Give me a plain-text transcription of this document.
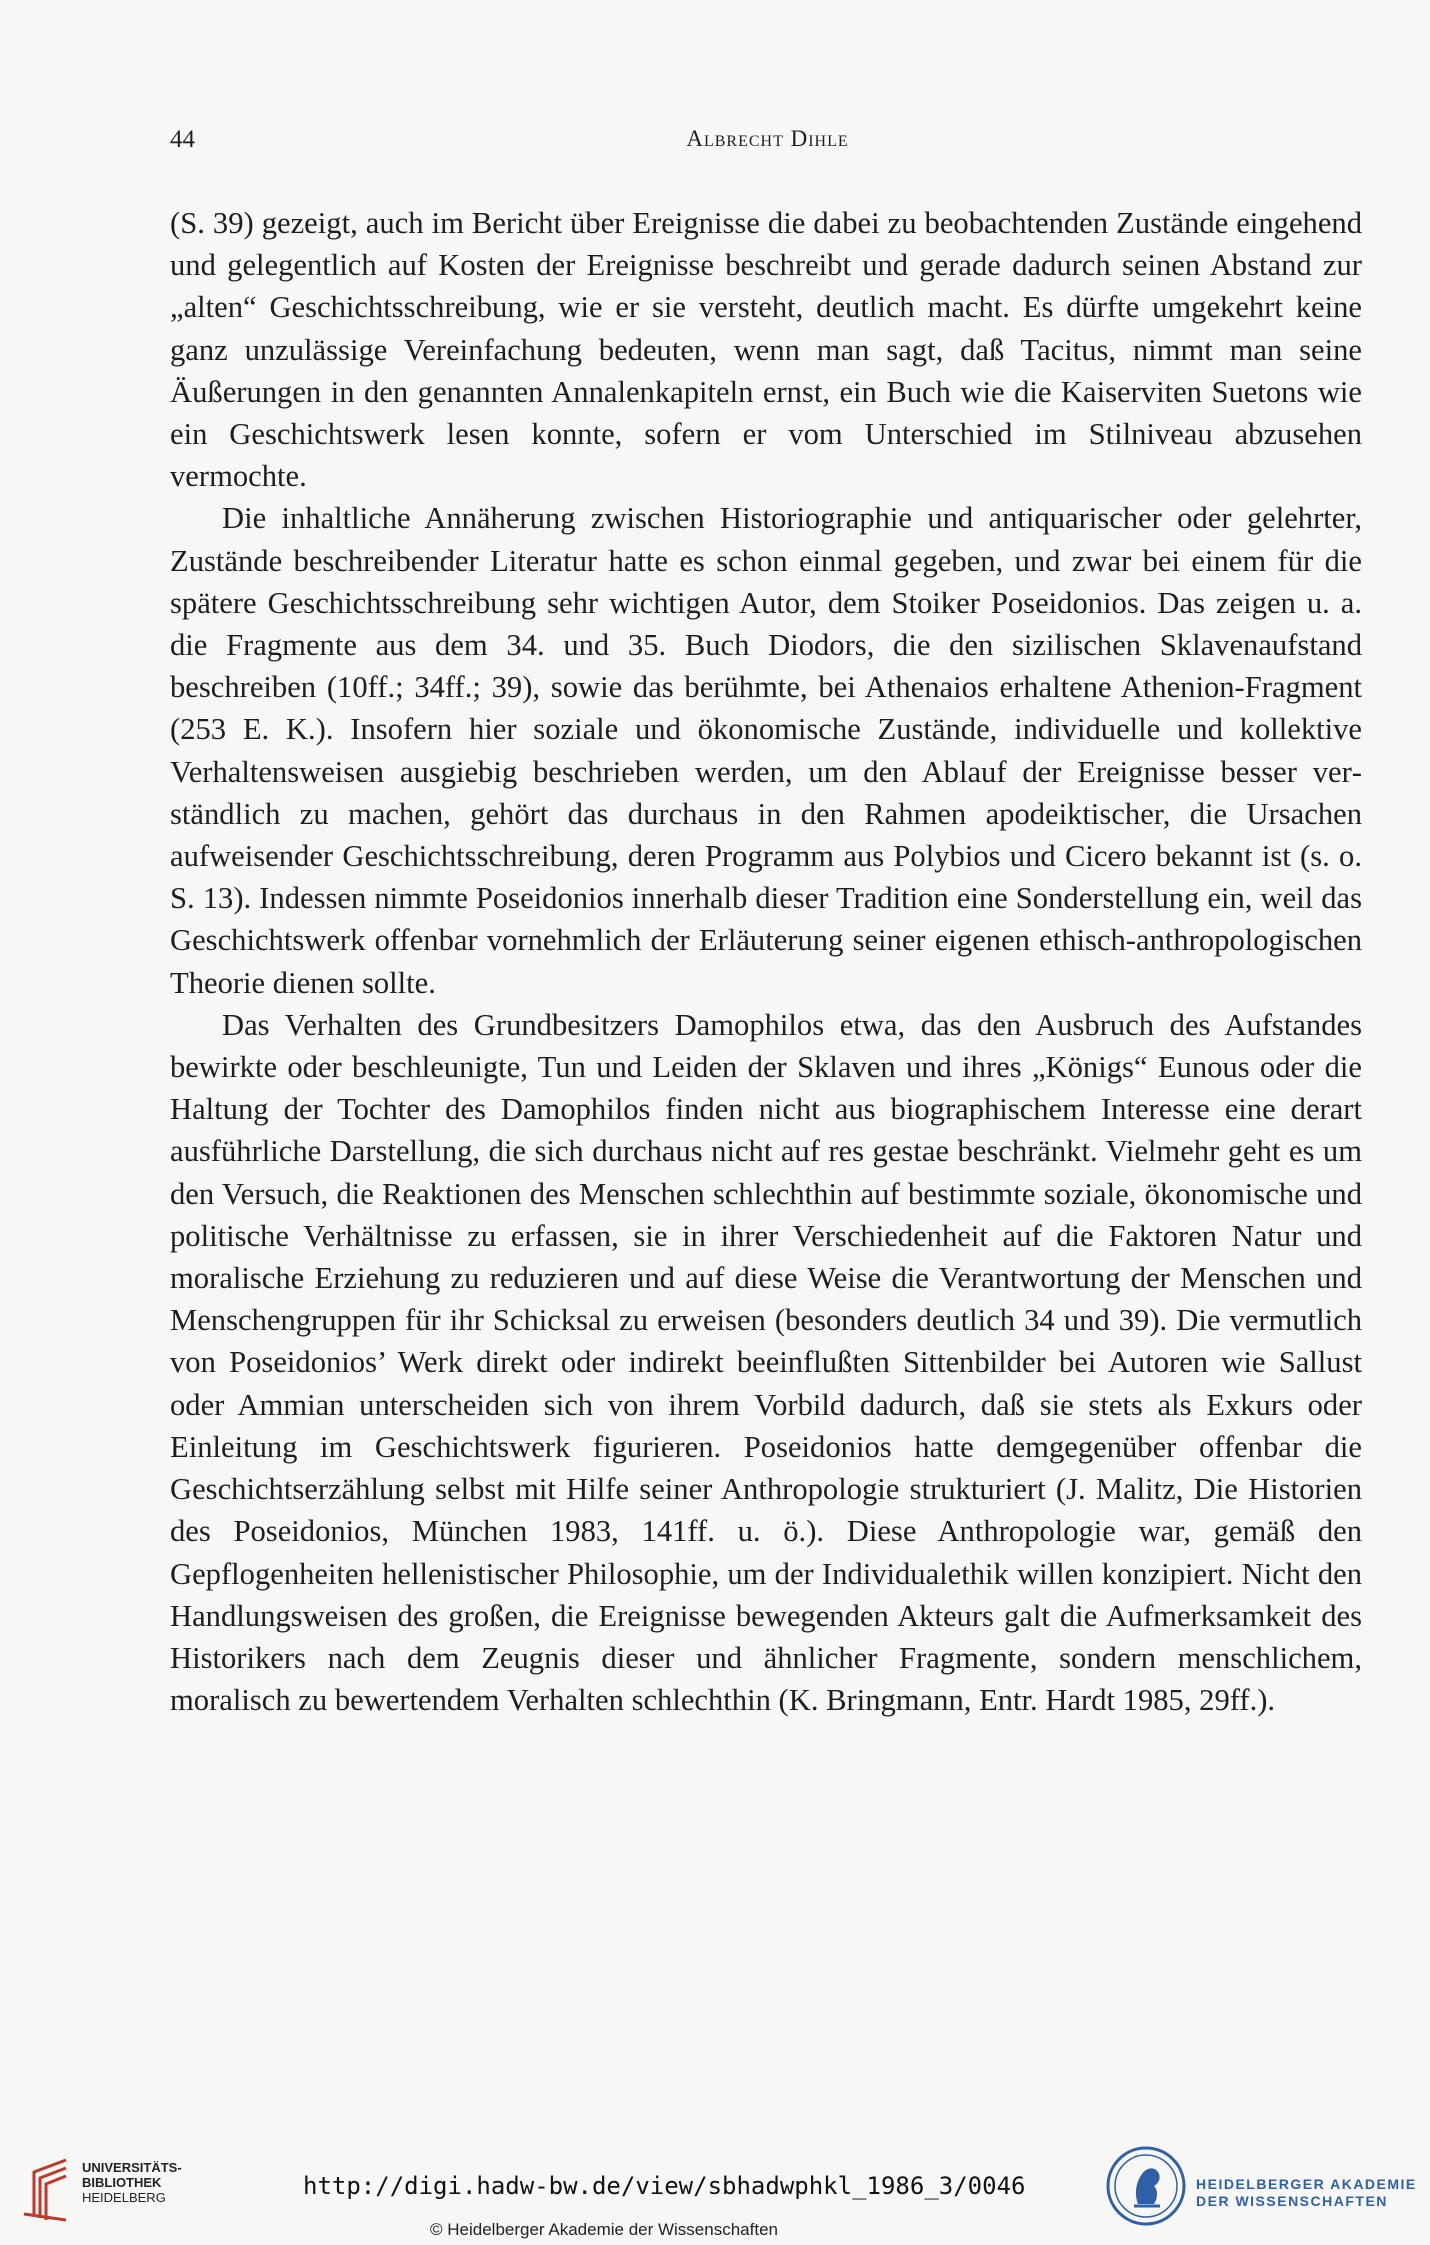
44	Albrecht Dihle

(S. 39) gezeigt, auch im Bericht über Ereignisse die dabei zu beobachtenden Zustände eingehend und gelegentlich auf Kosten der Ereignisse beschreibt und gerade dadurch seinen Abstand zur „alten“ Geschichtsschreibung, wie er sie versteht, deutlich macht. Es dürfte umgekehrt keine ganz unzulässige Vereinfachung bedeuten, wenn man sagt, daß Tacitus, nimmt man seine Äußerungen in den genannten Annalenkapiteln ernst, ein Buch wie die Kaiserviten Suetons wie ein Geschichtswerk lesen konnte, sofern er vom Unterschied im Stilniveau abzusehen vermochte.

Die inhaltliche Annäherung zwischen Historiographie und antiquarischer oder gelehrter, Zustände beschreibender Literatur hatte es schon einmal gegeben, und zwar bei einem für die spätere Geschichtsschreibung sehr wichtigen Autor, dem Stoiker Poseidonios. Das zeigen u. a. die Fragmente aus dem 34. und 35. Buch Diodors, die den sizilischen Sklavenaufstand beschreiben (10ff.; 34ff.; 39), sowie das berühmte, bei Athenaios erhaltene Athenion-Fragment (253 E. K.). Insofern hier soziale und ökonomische Zustände, individuelle und kollektive Verhaltensweisen ausgiebig beschrieben werden, um den Ablauf der Ereignisse besser verständlich zu machen, gehört das durchaus in den Rahmen apodeiktischer, die Ursachen aufweisender Geschichtsschreibung, deren Programm aus Polybios und Cicero bekannt ist (s. o. S. 13). Indessen nimmte Poseidonios innerhalb dieser Tradition eine Sonderstellung ein, weil das Geschichtswerk offenbar vornehmlich der Erläuterung seiner eigenen ethisch-anthropologischen Theorie dienen sollte.

Das Verhalten des Grundbesitzers Damophilos etwa, das den Ausbruch des Aufstandes bewirkte oder beschleunigte, Tun und Leiden der Sklaven und ihres „Königs“ Eunous oder die Haltung der Tochter des Damophilos finden nicht aus biographischem Interesse eine derart ausführliche Darstellung, die sich durchaus nicht auf res gestae beschränkt. Vielmehr geht es um den Versuch, die Reaktionen des Menschen schlechthin auf bestimmte soziale, ökonomische und politische Verhältnisse zu erfassen, sie in ihrer Verschiedenheit auf die Faktoren Natur und moralische Erziehung zu reduzieren und auf diese Weise die Verantwortung der Menschen und Menschengruppen für ihr Schicksal zu erweisen (besonders deutlich 34 und 39). Die vermutlich von Poseidonios’ Werk direkt oder indirekt beeinflußten Sittenbilder bei Autoren wie Sallust oder Ammian unterscheiden sich von ihrem Vorbild dadurch, daß sie stets als Exkurs oder Einleitung im Geschichtswerk figurieren. Poseidonios hatte demgegenüber offenbar die Geschichtserzählung selbst mit Hilfe seiner Anthropologie strukturiert (J. Malitz, Die Historien des Poseidonios, München 1983, 141ff. u. ö.). Diese Anthropologie war, gemäß den Gepflogenheiten hellenistischer Philosophie, um der Individualethik willen konzipiert. Nicht den Handlungsweisen des großen, die Ereignisse bewegenden Akteurs galt die Aufmerksamkeit des Historikers nach dem Zeugnis dieser und ähnlicher Fragmente, sondern menschlichem, moralisch zu bewertendem Verhalten schlechthin (K. Bringmann, Entr. Hardt 1985, 29ff.).

UNIVERSITÄTS-
BIBLIOTHEK
HEIDELBERG	http://digi.hadw-bw.de/view/sbhadwphkl_1986_3/0046
© Heidelberger Akademie der Wissenschaften
HEIDELBERGER AKADEMIE
DER WISSENSCHAFTEN
